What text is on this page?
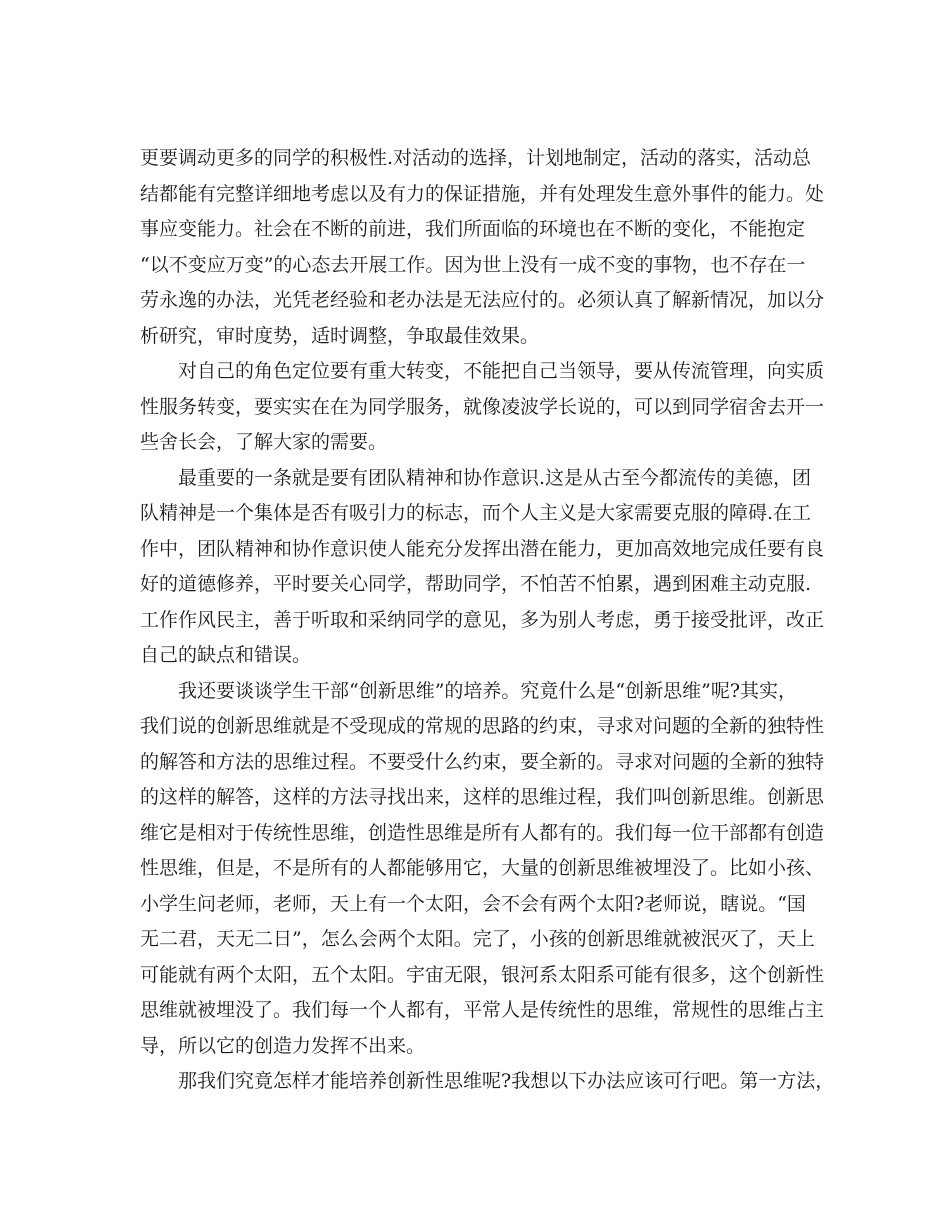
更要调动更多的同学的积极性.对活动的选择，计划地制定，活动的落实，活动总
结都能有完整详细地考虑以及有力的保证措施，并有处理发生意外事件的能力。处
事应变能力。社会在不断的前进，我们所面临的环境也在不断的变化，不能抱定
“以不变应万变”的心态去开展工作。因为世上没有一成不变的事物，也不存在一
劳永逸的办法，光凭老经验和老办法是无法应付的。必须认真了解新情况，加以分
析研究，审时度势，适时调整，争取最佳效果。
对自己的角色定位要有重大转变，不能把自己当领导，要从传流管理，向实质
性服务转变，要实实在在为同学服务，就像凌波学长说的，可以到同学宿舍去开一
些舍长会，了解大家的需要。
最重要的一条就是要有团队精神和协作意识.这是从古至今都流传的美德，团
队精神是一个集体是否有吸引力的标志，而个人主义是大家需要克服的障碍.在工
作中，团队精神和协作意识使人能充分发挥出潜在能力，更加高效地完成任要有良
好的道德修养，平时要关心同学，帮助同学，不怕苦不怕累，遇到困难主动克服.
工作作风民主，善于听取和采纳同学的意见，多为别人考虑，勇于接受批评，改正
自己的缺点和错误。
我还要谈谈学生干部“创新思维”的培养。究竟什么是“创新思维”呢?其实，
我们说的创新思维就是不受现成的常规的思路的约束，寻求对问题的全新的独特性
的解答和方法的思维过程。不要受什么约束，要全新的。寻求对问题的全新的独特
的这样的解答，这样的方法寻找出来，这样的思维过程，我们叫创新思维。创新思
维它是相对于传统性思维，创造性思维是所有人都有的。我们每一位干部都有创造
性思维，但是，不是所有的人都能够用它，大量的创新思维被埋没了。比如小孩、
小学生问老师，老师，天上有一个太阳，会不会有两个太阳?老师说，瞎说。“国
无二君，天无二日”，怎么会两个太阳。完了，小孩的创新思维就被泯灭了，天上
可能就有两个太阳，五个太阳。宇宙无限，银河系太阳系可能有很多，这个创新性
思维就被埋没了。我们每一个人都有，平常人是传统性的思维，常规性的思维占主
导，所以它的创造力发挥不出来。
那我们究竟怎样才能培养创新性思维呢?我想以下办法应该可行吧。第一方法，
